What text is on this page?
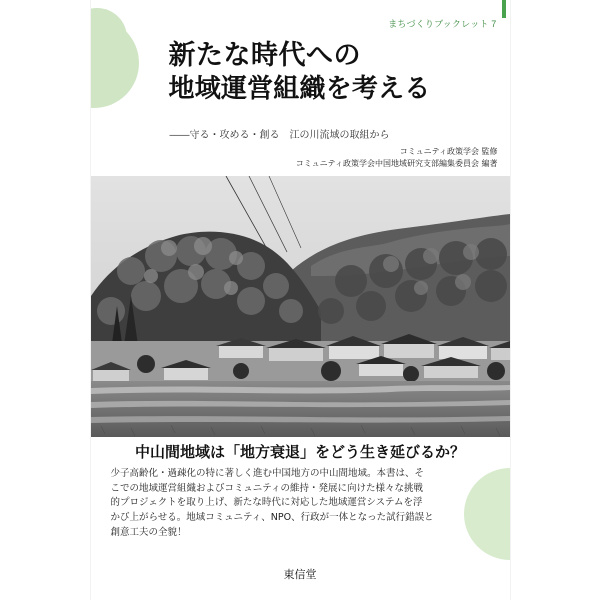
まちづくりブックレット 7
新たな時代への
地域運営組織を考える
――守る・攻める・創る　江の川流域の取組から
コミュニティ政策学会 監修
コミュニティ政策学会中国地域研究支部編集委員会 編著
中山間地域は「地方衰退」をどう生き延びるか？
少子高齢化・過疎化の特に著しく進む中国地方の中山間地域。本書は、そ
こでの地域運営組織およびコミュニティの維持・発展に向けた様々な挑戦
的プロジェクトを取り上げ、新たな時代に対応した地域運営システムを浮
かび上がらせる。地域コミュニティ、NPO、行政が一体となった試行錯誤と
創意工夫の全貌！
東信堂
